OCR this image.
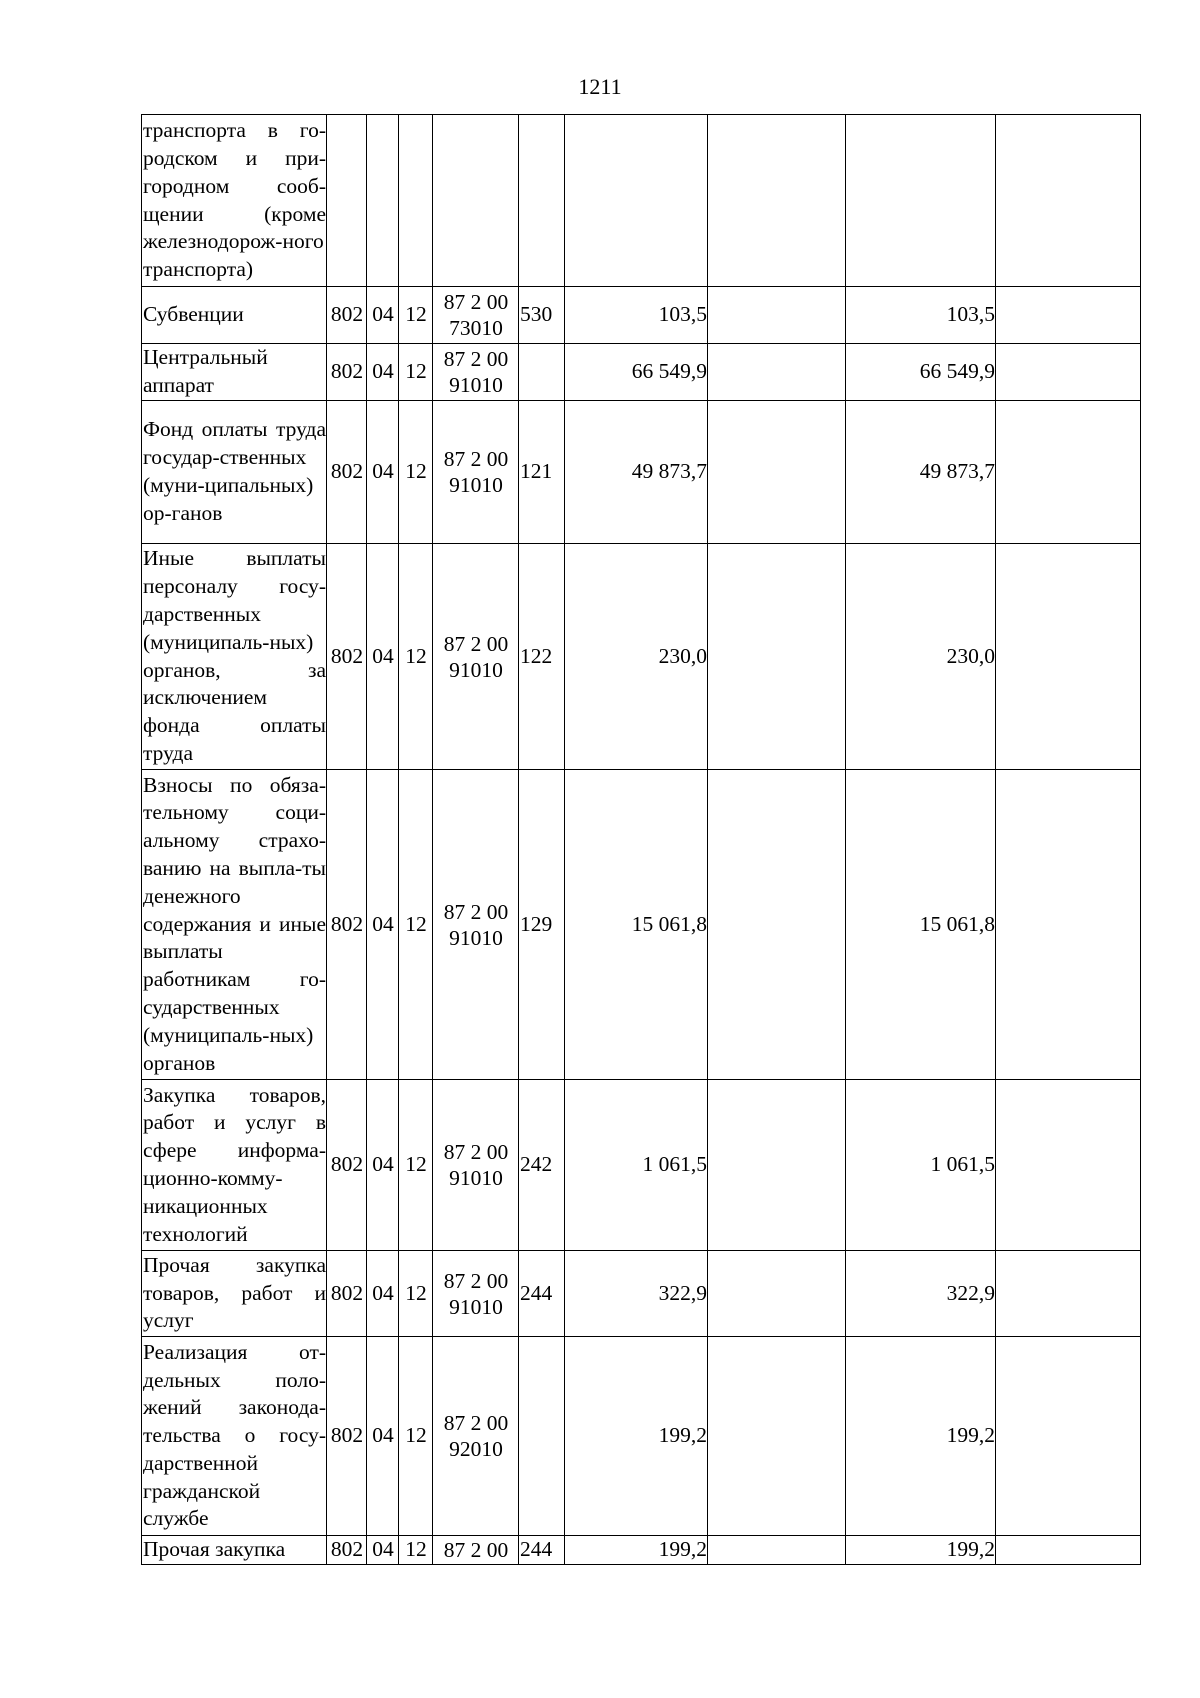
1211
транспорта в го-родском и при-городном сооб-щении (кроме железнодорож-ного транспорта)									
Субвенции	802	04	12	87 2 00 73010	530	103,5		103,5	
Центральный аппарат	802	04	12	87 2 00 91010		66 549,9		66 549,9	
Фонд оплаты труда государ-ственных (муни-ципальных) ор-ганов	802	04	12	87 2 00 91010	121	49 873,7		49 873,7	
Иные выплаты персоналу госу-дарственных (муниципаль-ных) органов, за исключением фонда оплаты труда	802	04	12	87 2 00 91010	122	230,0		230,0	
Взносы по обяза-тельному соци-альному страхо-ванию на выпла-ты денежного содержания и иные выплаты работникам го-сударственных (муниципаль-ных) органов	802	04	12	87 2 00 91010	129	15 061,8		15 061,8	
Закупка товаров, работ и услуг в сфере информа-ционно-комму-никационных технологий	802	04	12	87 2 00 91010	242	1 061,5		1 061,5	
Прочая закупка товаров, работ и услуг	802	04	12	87 2 00 91010	244	322,9		322,9	
Реализация от-дельных поло-жений законода-тельства о госу-дарственной гражданской службе	802	04	12	87 2 00 92010		199,2		199,2	
Прочая закупка	802	04	12	87 2 00	244	199,2		199,2	
